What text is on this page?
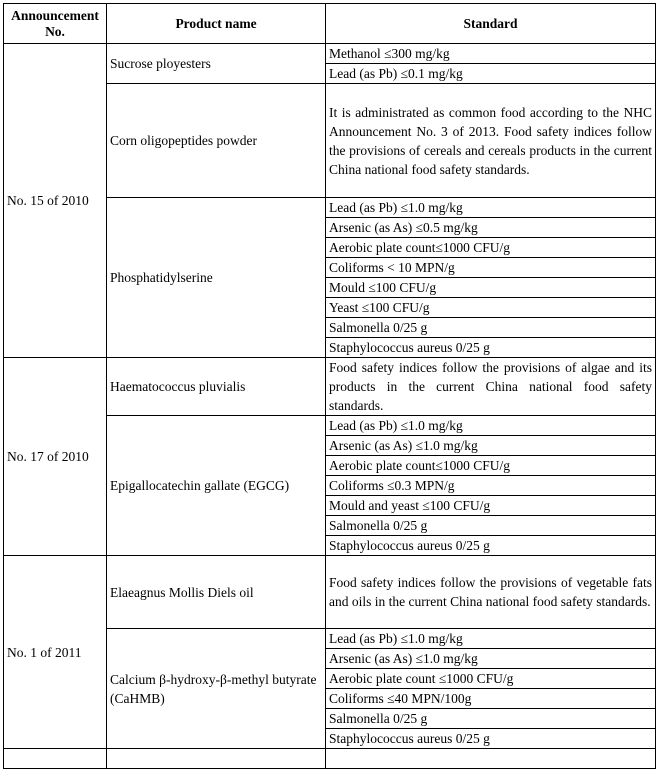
Announcement No.	Product name	Standard
No. 15 of 2010	Sucrose ployesters	Methanol ≤300 mg/kg
		Lead (as Pb) ≤0.1 mg/kg
	Corn oligopeptides powder	It is administrated as common food according to the NHC Announcement No. 3 of 2013. Food safety indices follow the provisions of cereals and cereals products in the current China national food safety standards.
	Phosphatidylserine	Lead (as Pb) ≤1.0 mg/kg
		Arsenic (as As) ≤0.5 mg/kg
		Aerobic plate count≤1000 CFU/g
		Coliforms < 10 MPN/g
		Mould ≤100 CFU/g
		Yeast ≤100 CFU/g
		Salmonella 0/25 g
		Staphylococcus aureus 0/25 g
No. 17 of 2010	Haematococcus pluvialis	Food safety indices follow the provisions of algae and its products in the current China national food safety standards.
	Epigallocatechin gallate (EGCG)	Lead (as Pb) ≤1.0 mg/kg
		Arsenic (as As) ≤1.0 mg/kg
		Aerobic plate count≤1000 CFU/g
		Coliforms ≤0.3 MPN/g
		Mould and yeast ≤100 CFU/g
		Salmonella 0/25 g
		Staphylococcus aureus 0/25 g
No. 1 of 2011	Elaeagnus Mollis Diels oil	Food safety indices follow the provisions of vegetable fats and oils in the current China national food safety standards.
	Calcium β-hydroxy-β-methyl butyrate (CaHMB)	Lead (as Pb) ≤1.0 mg/kg
		Arsenic (as As) ≤1.0 mg/kg
		Aerobic plate count ≤1000 CFU/g
		Coliforms ≤40 MPN/100g
		Salmonella 0/25 g
		Staphylococcus aureus 0/25 g
